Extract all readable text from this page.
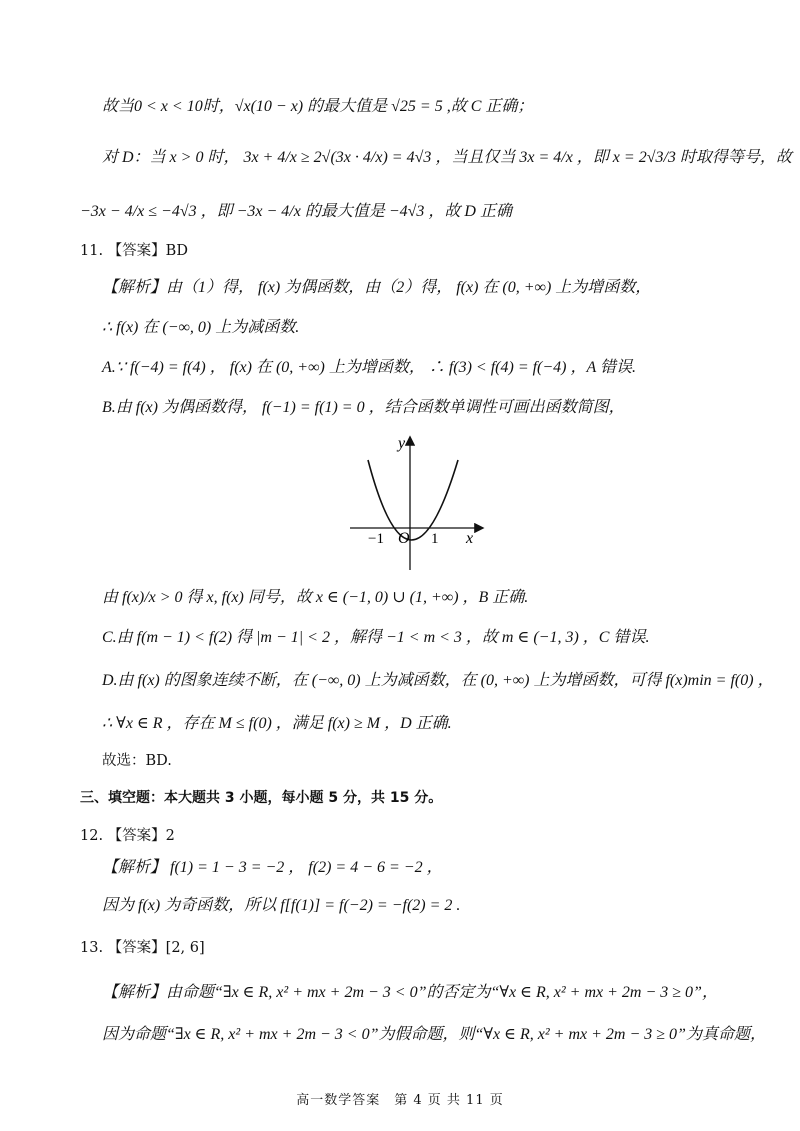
故当0 < x < 10时，√x(10 − x) 的最大值是 √25 = 5 ,故 C 正确；
对 D：当 x > 0 时， 3x + 4/x ≥ 2√(3x · 4/x) = 4√3 ，当且仅当 3x = 4/x ，即 x = 2√3/3 时取得等号，故
−3x − 4/x ≤ −4√3 ，即 −3x − 4/x 的最大值是 −4√3 ，故 D 正确
11. 【答案】BD
【解析】由（1）得， f(x) 为偶函数，由（2）得， f(x) 在 (0, +∞) 上为增函数，
∴ f(x) 在 (−∞, 0) 上为减函数.
A.∵ f(−4) = f(4) ， f(x) 在 (0, +∞) 上为增函数， ∴ f(3) < f(4) = f(−4) ，A 错误.
B.由 f(x) 为偶函数得， f(−1) = f(1) = 0 ，结合函数单调性可画出函数简图，
y
x
O
−1	1
由 f(x)/x > 0 得 x, f(x) 同号，故 x ∈ (−1, 0) ∪ (1, +∞) ，B 正确.
C.由 f(m − 1) < f(2) 得 |m − 1| < 2 ，解得 −1 < m < 3 ，故 m ∈ (−1, 3) ，C 错误.
D.由 f(x) 的图象连续不断，在 (−∞, 0) 上为减函数，在 (0, +∞) 上为增函数，可得 f(x)min = f(0) ，
∴ ∀x ∈ R ，存在 M ≤ f(0) ，满足 f(x) ≥ M ，D 正确.
故选：BD.
三、填空题：本大题共 3 小题，每小题 5 分，共 15 分。
12. 【答案】2
【解析】 f(1) = 1 − 3 = −2 ， f(2) = 4 − 6 = −2 ，
因为 f(x) 为奇函数，所以 f[f(1)] = f(−2) = −f(2) = 2 .
13. 【答案】[2, 6]
【解析】由命题“∃x ∈ R, x² + mx + 2m − 3 < 0”的否定为“∀x ∈ R, x² + mx + 2m − 3 ≥ 0”，
因为命题“∃x ∈ R, x² + mx + 2m − 3 < 0”为假命题，则“∀x ∈ R, x² + mx + 2m − 3 ≥ 0”为真命题，
高一数学答案　第 4 页 共 11 页
